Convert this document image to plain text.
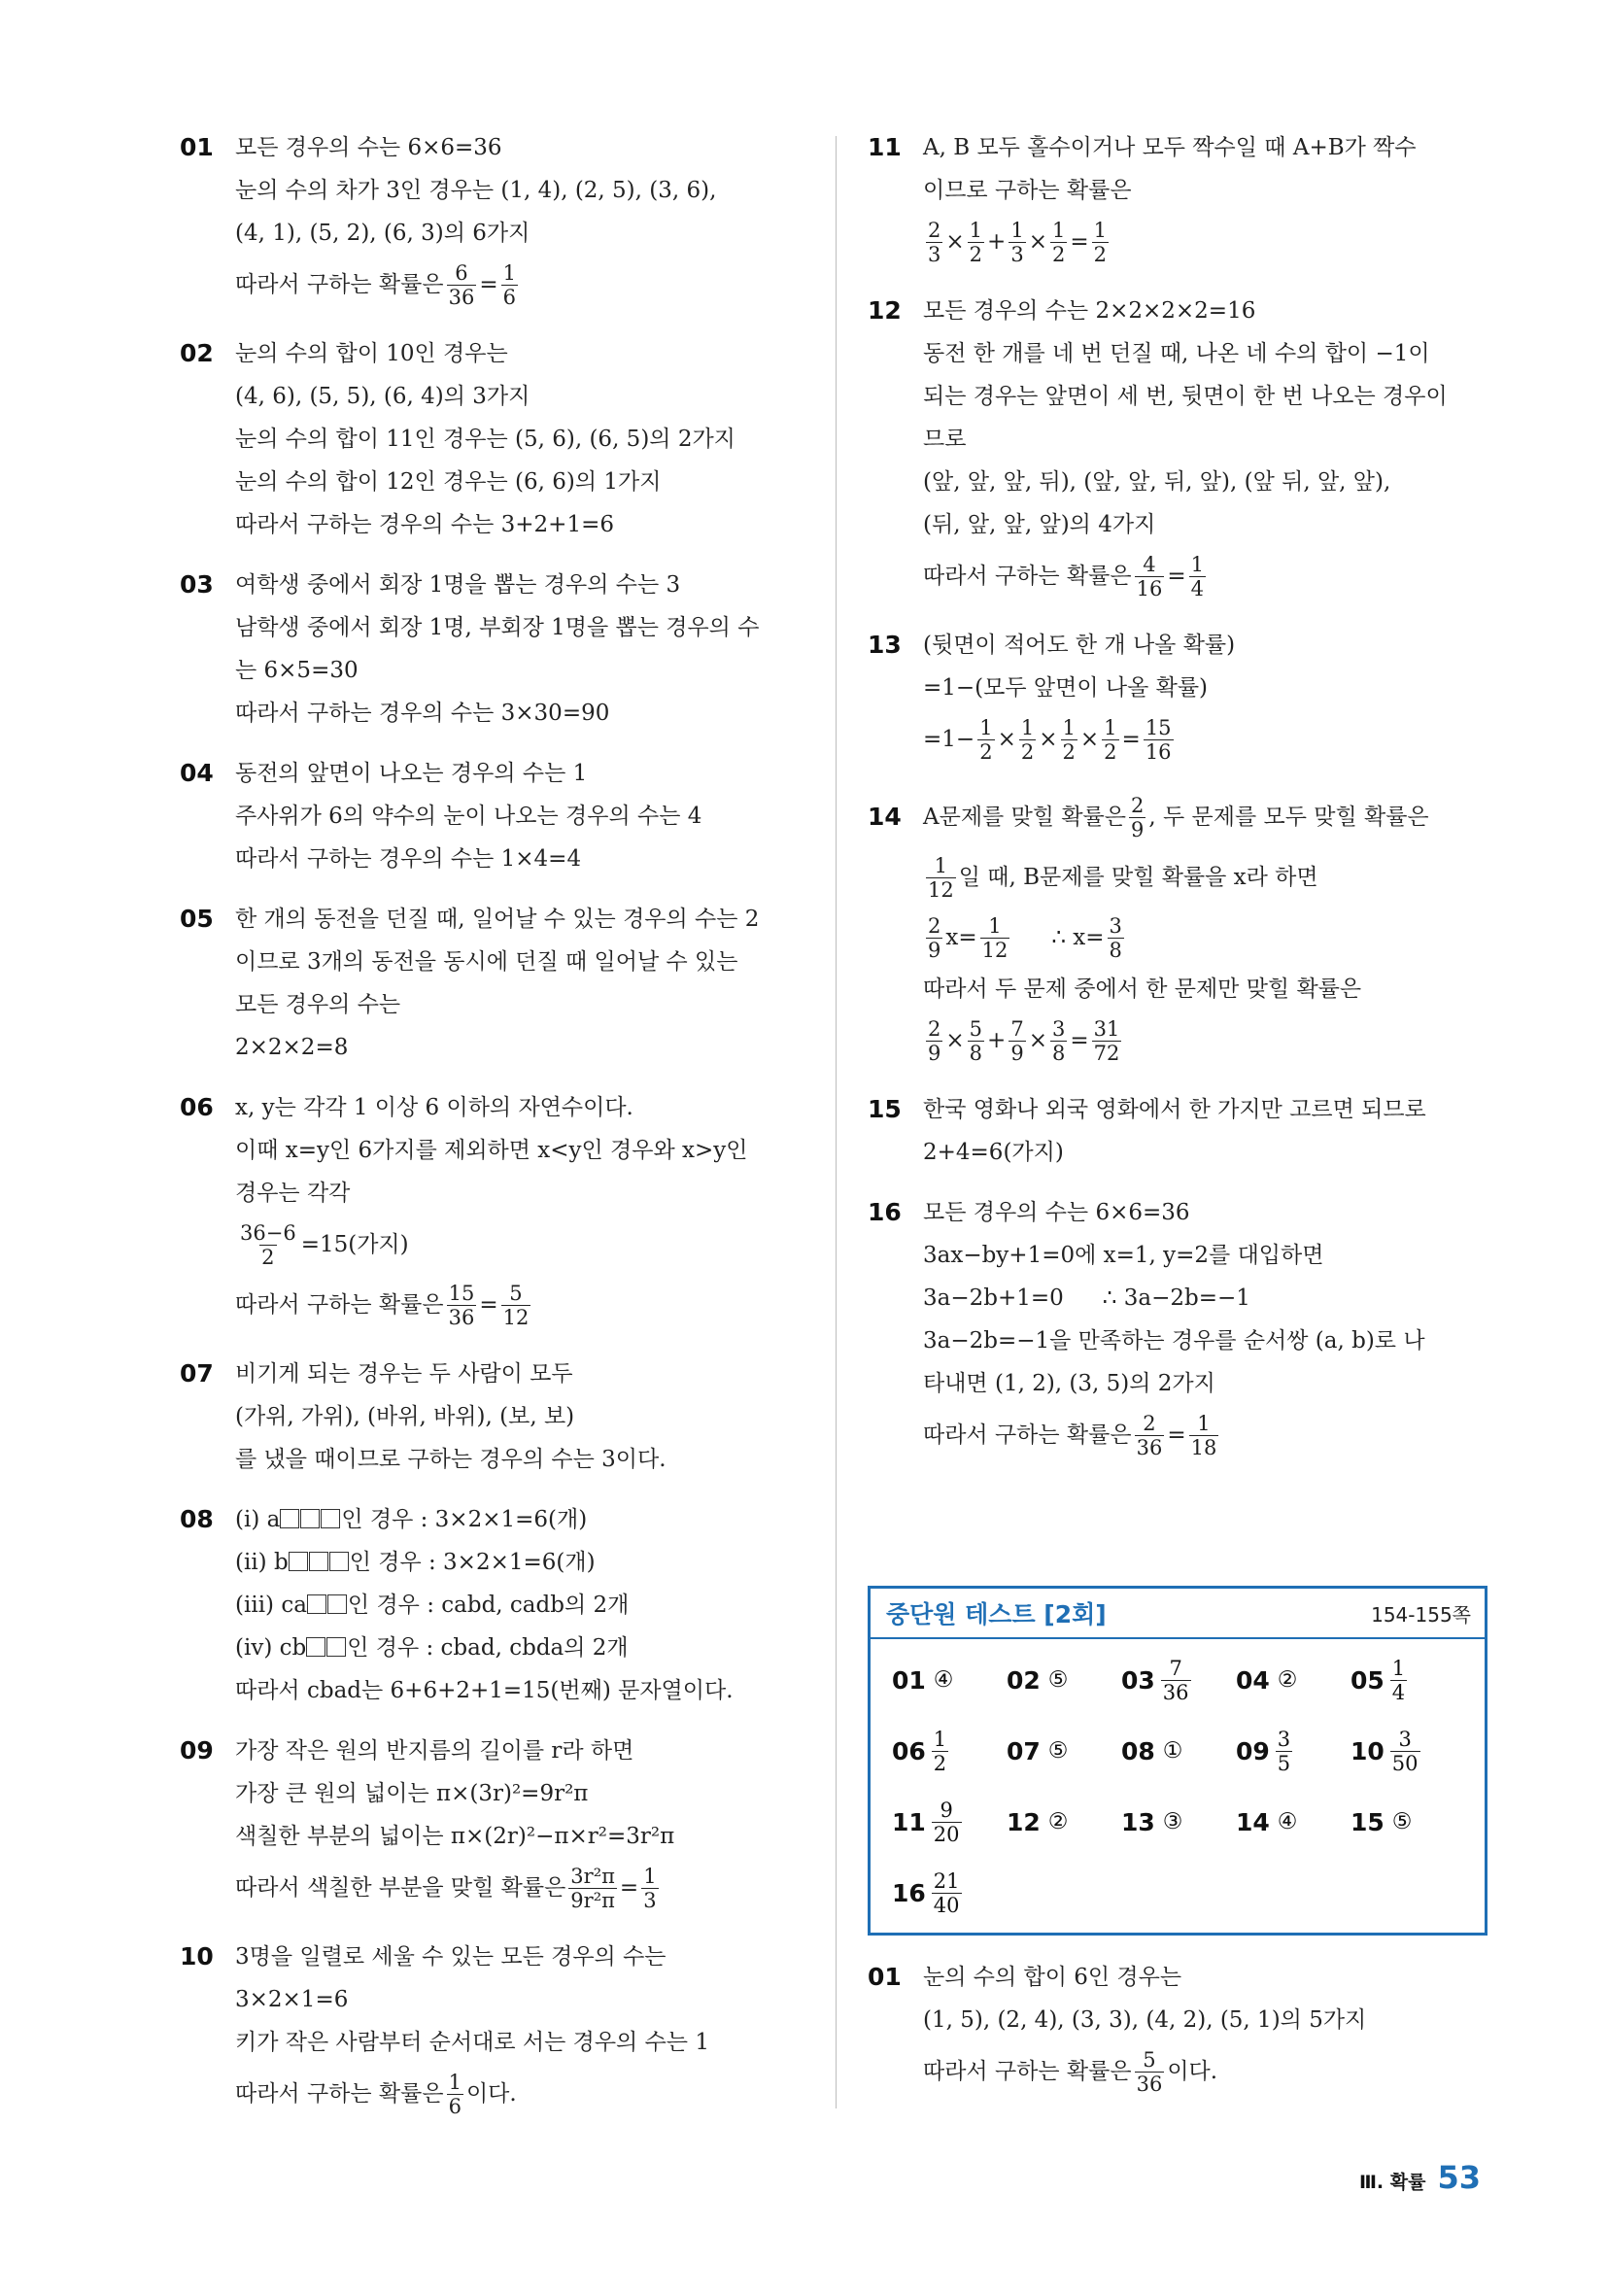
01 모든 경우의 수는 6×6=36
눈의 수의 차가 3인 경우는 (1, 4), (2, 5), (3, 6),
(4, 1), (5, 2), (6, 3)의 6가지
따라서 구하는 확률은 $\frac{6}{36} = \frac{1}{6}$
02 눈의 수의 합이 10인 경우는
(4, 6), (5, 5), (6, 4)의 3가지
눈의 수의 합이 11인 경우는 (5, 6), (6, 5)의 2가지
눈의 수의 합이 12인 경우는 (6, 6)의 1가지
따라서 구하는 경우의 수는 3+2+1=6
03 여학생 중에서 회장 1명을 뽑는 경우의 수는 3
남학생 중에서 회장 1명, 부회장 1명을 뽑는 경우의 수
는 6×5=30
따라서 구하는 경우의 수는 3×30=90
04 동전의 앞면이 나오는 경우의 수는 1
주사위가 6의 약수의 눈이 나오는 경우의 수는 4
따라서 구하는 경우의 수는 1×4=4
05 한 개의 동전을 던질 때, 일어날 수 있는 경우의 수는 2
이므로 3개의 동전을 동시에 던질 때 일어날 수 있는
모든 경우의 수는
2×2×2=8
06 x, y는 각각 1 이상 6 이하의 자연수이다.
이때 x=y인 6가지를 제외하면 x<y인 경우와 x>y인
경우는 각각
$\frac{36-6}{2} =15$(가지)
따라서 구하는 확률은 $\frac{15}{36} = \frac{5}{12}$
07 비기게 되는 경우는 두 사람이 모두
(가위, 가위), (바위, 바위), (보, 보)
를 냈을 때이므로 구하는 경우의 수는 3이다.
08 (ⅰ) a	인 경우 : 3×2×1=6(개)
(ⅱ) b	인 경우 : 3×2×1=6(개)
(ⅲ) ca 인 경우 : cabd, cadb의 2개
(ⅳ) cb 인 경우 : cbad, cbda의 2개
따라서 cbad는 6+6+2+1=15(번째) 문자열이다.
09 가장 작은 원의 반지름의 길이를 r라 하면
가장 큰 원의 넓이는 π×(3r)²=9r²π
색칠한 부분의 넓이는 π×(2r)²−π×r²=3r²π
따라서 색칠한 부분을 맞힐 확률은 $\frac{\text{3r²π}}{\text{9r²π}} = \frac{1}{3}$
10 3명을 일렬로 세울 수 있는 모든 경우의 수는
3×2×1=6
키가 작은 사람부터 순서대로 서는 경우의 수는 1
따라서 구하는 확률은 $\frac{1}{6}$ 이다.
11 A, B 모두 홀수이거나 모두 짝수일 때 A+B가 짝수
이므로 구하는 확률은
$\frac{2}{3} \times \frac{1}{2} + \frac{1}{3} \times \frac{1}{2} = \frac{1}{2}$
12 모든 경우의 수는 2×2×2×2=16
동전 한 개를 네 번 던질 때, 나온 네 수의 합이 −1이
되는 경우는 앞면이 세 번, 뒷면이 한 번 나오는 경우이
므로
(앞, 앞, 앞, 뒤), (앞, 앞, 뒤, 앞), (앞 뒤, 앞, 앞),
(뒤, 앞, 앞, 앞)의 4가지
따라서 구하는 확률은 $\frac{4}{16} = \frac{1}{4}$
13 (뒷면이 적어도 한 개 나올 확률)
=1−(모두 앞면이 나올 확률)
$=1- \frac{1}{2} \times \frac{1}{2} \times \frac{1}{2} \times \frac{1}{2} = \frac{15}{16}$
14 A문제를 맞힐 확률은 $\frac{2}{9}$ , 두 문제를 모두 맞힐 확률은
$\frac{1}{12}$ 일 때, B문제를 맞힐 확률을 x라 하면
$\frac{2}{9} x= \frac{1}{12}$ ∴ $x= \frac{3}{8}$
따라서 두 문제 중에서 한 문제만 맞힐 확률은
$\frac{2}{9} \times \frac{5}{8} + \frac{7}{9} \times \frac{3}{8} = \frac{31}{72}$
15 한국 영화나 외국 영화에서 한 가지만 고르면 되므로
2+4=6(가지)
16 모든 경우의 수는 6×6=36
3ax−by+1=0에 x=1, y=2를 대입하면
3a−2b+1=0 ∴ 3a−2b=−1
3a−2b=−1을 만족하는 경우를 순서쌍 (a, b)로 나
타내면 (1, 2), (3, 5)의 2가지
따라서 구하는 확률은 $\frac{2}{36} = \frac{1}{18}$
중단원 테스트 [2회]	154-155쪽
01 ④ 02 ⑤ $03 \frac{7}{36} 04$ ② $05 \frac{1}{4}$
$06 \frac{1}{2} 07$ ⑤ 08 ① $09 \frac{3}{5} 10 \frac{3}{50}$
$11 \frac{9}{20} 12$ ② 13 ③ 14 ④ 15 ⑤
$16 \frac{21}{40}$
01 눈의 수의 합이 6인 경우는
(1, 5), (2, 4), (3, 3), (4, 2), (5, 1)의 5가지
따라서 구하는 확률은 $\frac{5}{36}$ 이다.
Ⅲ. 확률 53
